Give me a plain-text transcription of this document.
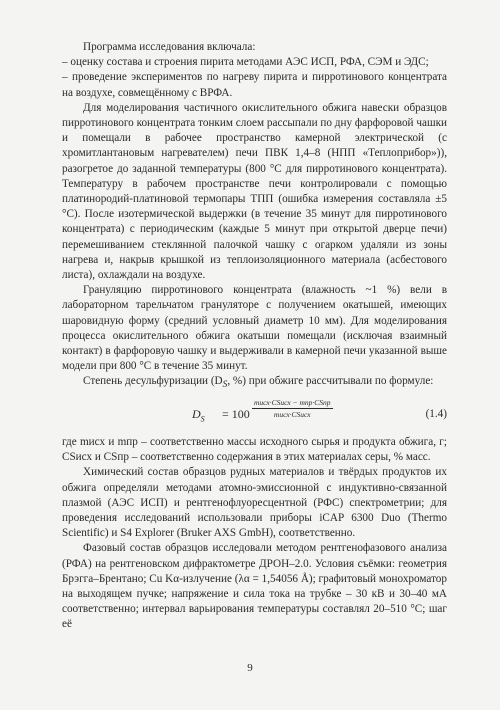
Программа исследования включала:

– оценку состава и строения пирита методами АЭС ИСП, РФА, СЭМ и ЭДС;

– проведение экспериментов по нагреву пирита и пирротинового концентрата на воздухе, совмещённому с ВРФА.

Для моделирования частичного окислительного обжига навески образцов пирротинового концентрата тонким слоем рассыпали по дну фарфоровой чашки и помещали в рабочее пространство камерной электрической (с хромитлантановым нагревателем) печи ПВК 1,4–8 (НПП «Теплоприбор»)), разогретое до заданной температуры (800 °С для пирротинового концентрата). Температуру в рабочем пространстве печи контролировали с помощью платинородий-платиновой термопары ТПП (ошибка измерения составляла ±5 °С). После изотермической выдержки (в течение 35 минут для пирротинового концентрата) с периодическим (каждые 5 минут при открытой дверце печи) перемешиванием стеклянной палочкой чашку с огарком удаляли из зоны нагрева и, накрыв крышкой из теплоизоляционного материала (асбестового листа), охлаждали на воздухе.

Грануляцию пирротинового концентрата (влажность ~1 %) вели в лабораторном тарельчатом грануляторе с получением окатышей, имеющих шаровидную форму (средний условный диаметр 10 мм). Для моделирования процесса окислительного обжига окатыши помещали (исключая взаимный контакт) в фарфоровую чашку и выдерживали в камерной печи указанной выше модели при 800 °С в течение 35 минут.

Степень десульфуризации ($D_S$, %) при обжиге рассчитывали по формуле:

$D_S = 100$
mисх·CSисх − mпр·CSпр
mисх·CSисх	(1.4)

где mисх и mпр – соответственно массы исходного сырья и продукта обжига, г; CSисх и CSпр – соответственно содержания в этих материалах серы, % масс.

Химический состав образцов рудных материалов и твёрдых продуктов их обжига определяли методами атомно-эмиссионной с индуктивно-связанной плазмой (АЭС ИСП) и рентгенофлуоресцентной (РФС) спектрометрии; для проведения исследований использовали приборы iCAP 6300 Duo (Thermo Scientific) и S4 Explorer (Bruker AXS GmbH), соответственно.

Фазовый состав образцов исследовали методом рентгенофазового анализа (РФА) на рентгеновском дифрактометре ДРОН–2.0. Условия съёмки: геометрия Брэгга–Брентано; Cu Kα-излучение (λα = 1,54056 Å); графитовый монохроматор на выходящем пучке; напряжение и сила тока на трубке – 30 кВ и 30–40 мА соответственно; интервал варьирования температуры составлял 20–510 °С; шаг её

9
